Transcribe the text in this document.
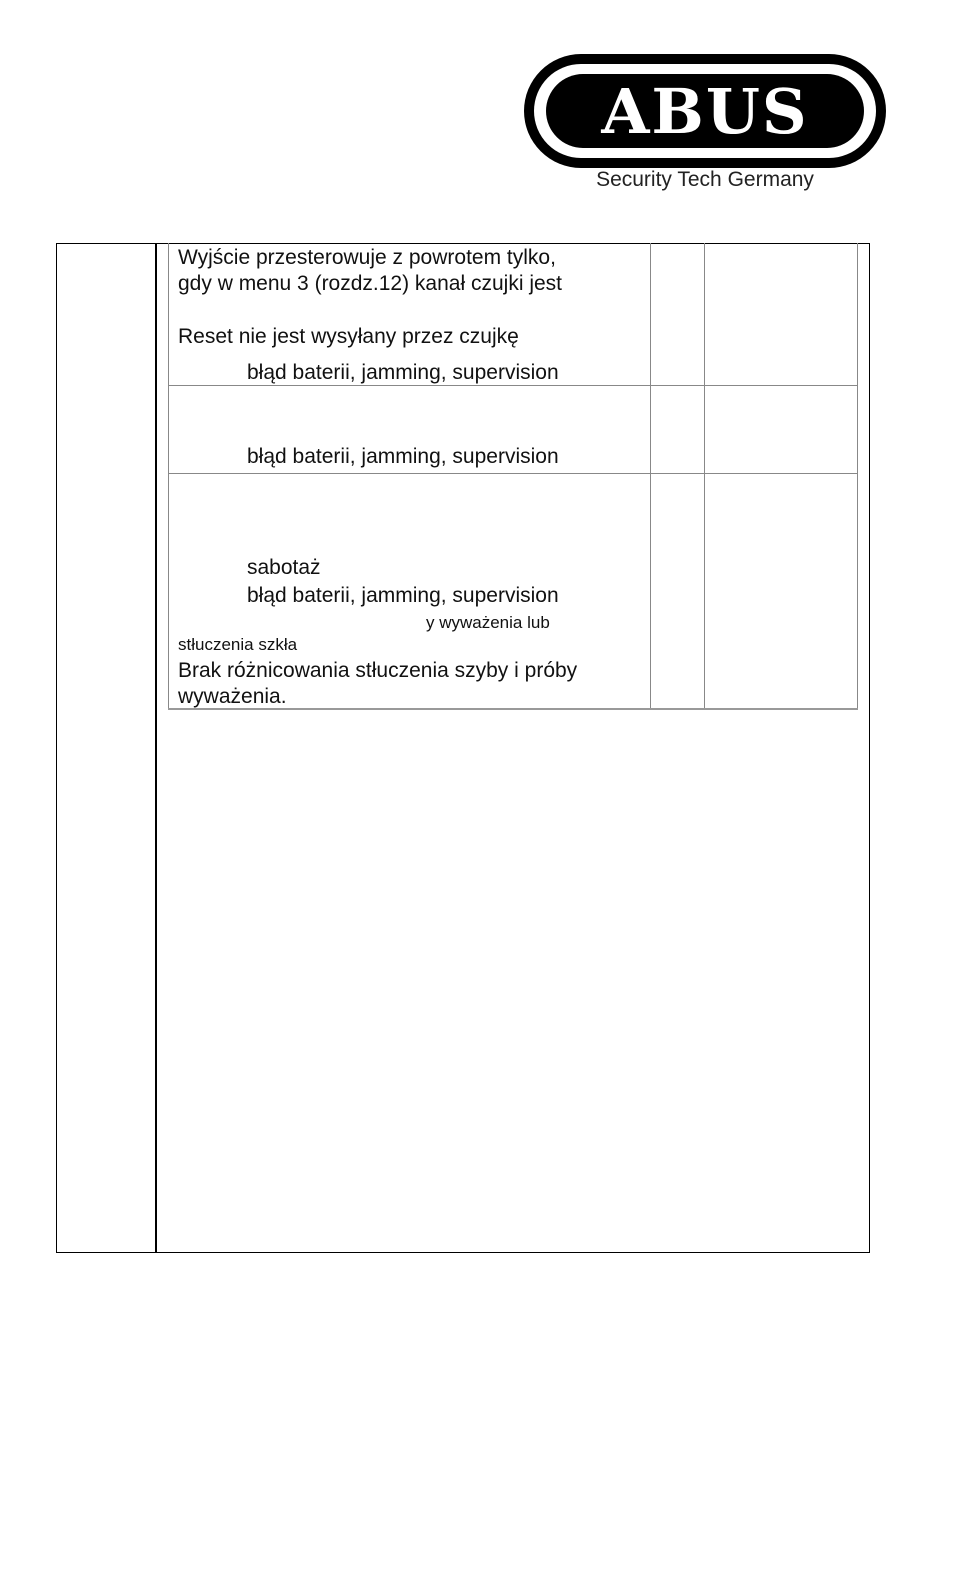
ABUS
Security Tech Germany
Wyjście przesterowuje z powrotem tylko,
gdy w menu 3 (rozdz.12) kanał czujki jest
Reset nie jest wysyłany przez czujkę
błąd baterii, jamming, supervision
błąd baterii, jamming, supervision
sabotaż
błąd baterii, jamming, supervision
y wyważenia lub
stłuczenia szkła
Brak różnicowania stłuczenia szyby i próby
wyważenia.
